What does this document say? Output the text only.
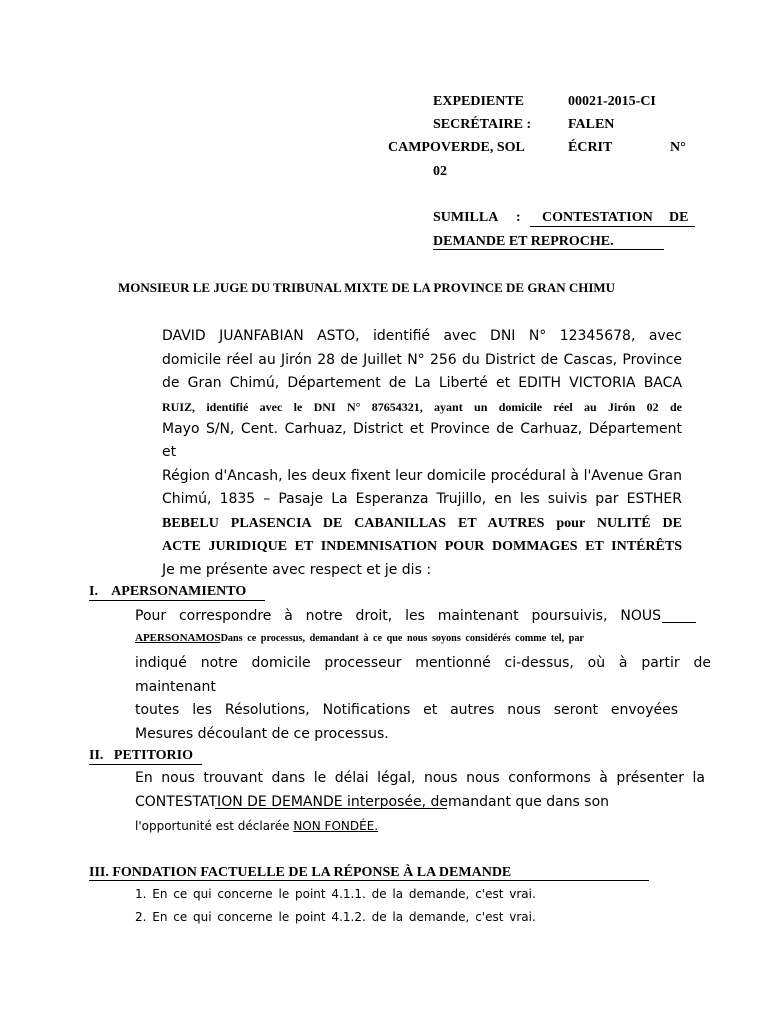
EXPEDIENTE	00021-2015-CI
SECRÉTAIRE :	FALEN
CAMPOVERDE, SOL	ÉCRIT	N°
02
SUMILLA : CONTESTATION DE
DEMANDE ET REPROCHE.
MONSIEUR LE JUGE DU TRIBUNAL MIXTE DE LA PROVINCE DE GRAN CHIMU
DAVID JUANFABIAN ASTO, identifié avec DNI N° 12345678, avec
domicile réel au Jirón 28 de Juillet N° 256 du District de Cascas, Province
de Gran Chimú, Département de La Liberté et EDITH VICTORIA BACA
RUIZ, identifié avec le DNI N° 87654321, ayant un domicile réel au Jirón 02 de
Mayo S/N, Cent. Carhuaz, District et Province de Carhuaz, Département et
Région d'Ancash, les deux fixent leur domicile procédural à l'Avenue Gran
Chimú, 1835 – Pasaje La Esperanza Trujillo, en les suivis par ESTHER
BEBELU PLASENCIA DE CABANILLAS ET AUTRES pour NULITÉ DE
ACTE JURIDIQUE ET INDEMNISATION POUR DOMMAGES ET INTÉRÊTS
Je me présente avec respect et je dis :
I.    APERSONAMIENTO
Pour correspondre à notre droit, les maintenant poursuivis, NOUS
APERSONAMOSDans ce processus, demandant à ce que nous soyons considérés comme tel, par
indiqué notre domicile processeur mentionné ci-dessus, où à partir de maintenant
toutes les Résolutions, Notifications et autres nous seront envoyées
Mesures découlant de ce processus.
II.   PETITORIO
En nous trouvant dans le délai légal, nous nous conformons à présenter la
CONTESTATION DE DEMANDE interposée, demandant que dans son
l'opportunité est déclarée NON FONDÉE.
III. FONDATION FACTUELLE DE LA RÉPONSE À LA DEMANDE
1. En ce qui concerne le point 4.1.1. de la demande, c'est vrai.
2. En ce qui concerne le point 4.1.2. de la demande, c'est vrai.
